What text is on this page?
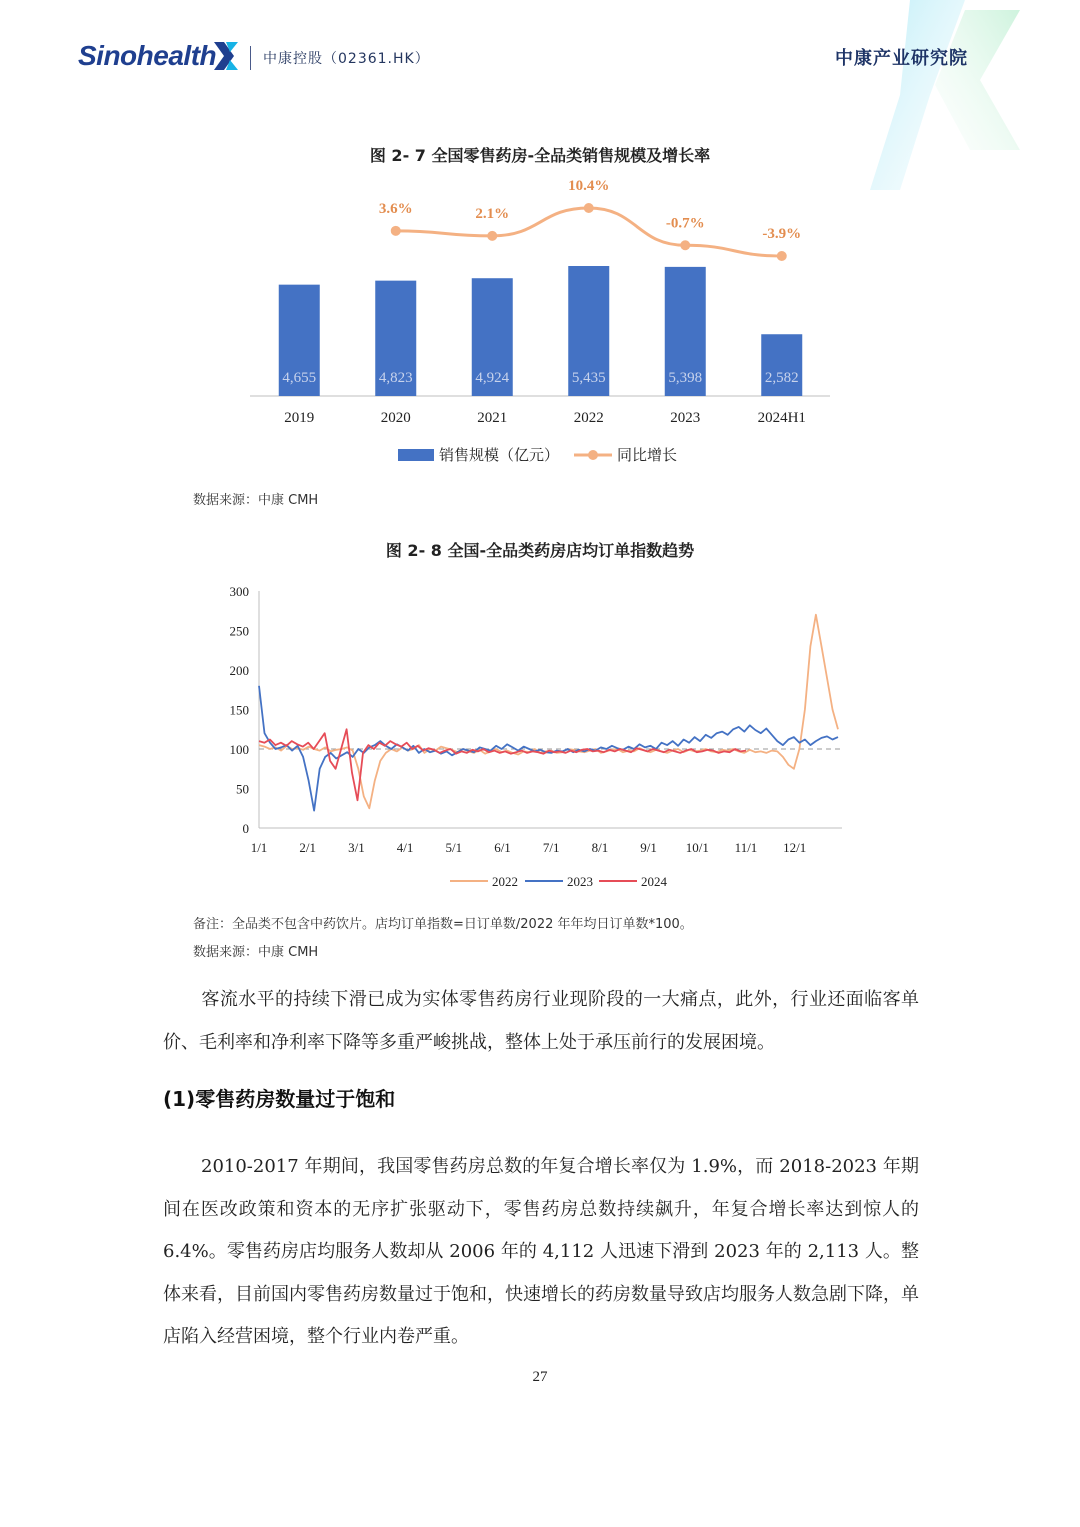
Sinohealth	中康控股（02361.HK）	中康产业研究院
图 2- 7 全国零售药房-全品类销售规模及增长率
4,655
2019
4,823
2020
4,924
2021
5,435
2022
5,398
2023
2,582
2024H1
3.6%	2.1%
10.4%
-0.7%
-3.9%
销售规模（亿元）	同比增长
数据来源：中康 CMH
图 2- 8 全国-全品类药房店均订单指数趋势
0
50
100
150
200
250
300
1/1 2/1 3/1 4/1 5/1 6/1 7/1 8/1 9/1 10/1 11/1 12/1
2022	2023	2024
备注：全品类不包含中药饮片。店均订单指数=日订单数/2022 年年均日订单数*100。
数据来源：中康 CMH
客流水平的持续下滑已成为实体零售药房行业现阶段的一大痛点，此外，行业还面临客单价、毛利率和净利率下降等多重严峻挑战，整体上处于承压前行的发展困境。
(1)零售药房数量过于饱和
2010-2017 年期间，我国零售药房总数的年复合增长率仅为 1.9%，而 2018-2023 年期间在医改政策和资本的无序扩张驱动下，零售药房总数持续飙升，年复合增长率达到惊人的 6.4%。零售药房店均服务人数却从 2006 年的 4,112 人迅速下滑到 2023 年的 2,113 人。整体来看，目前国内零售药房数量过于饱和，快速增长的药房数量导致店均服务人数急剧下降，单店陷入经营困境，整个行业内卷严重。
27
